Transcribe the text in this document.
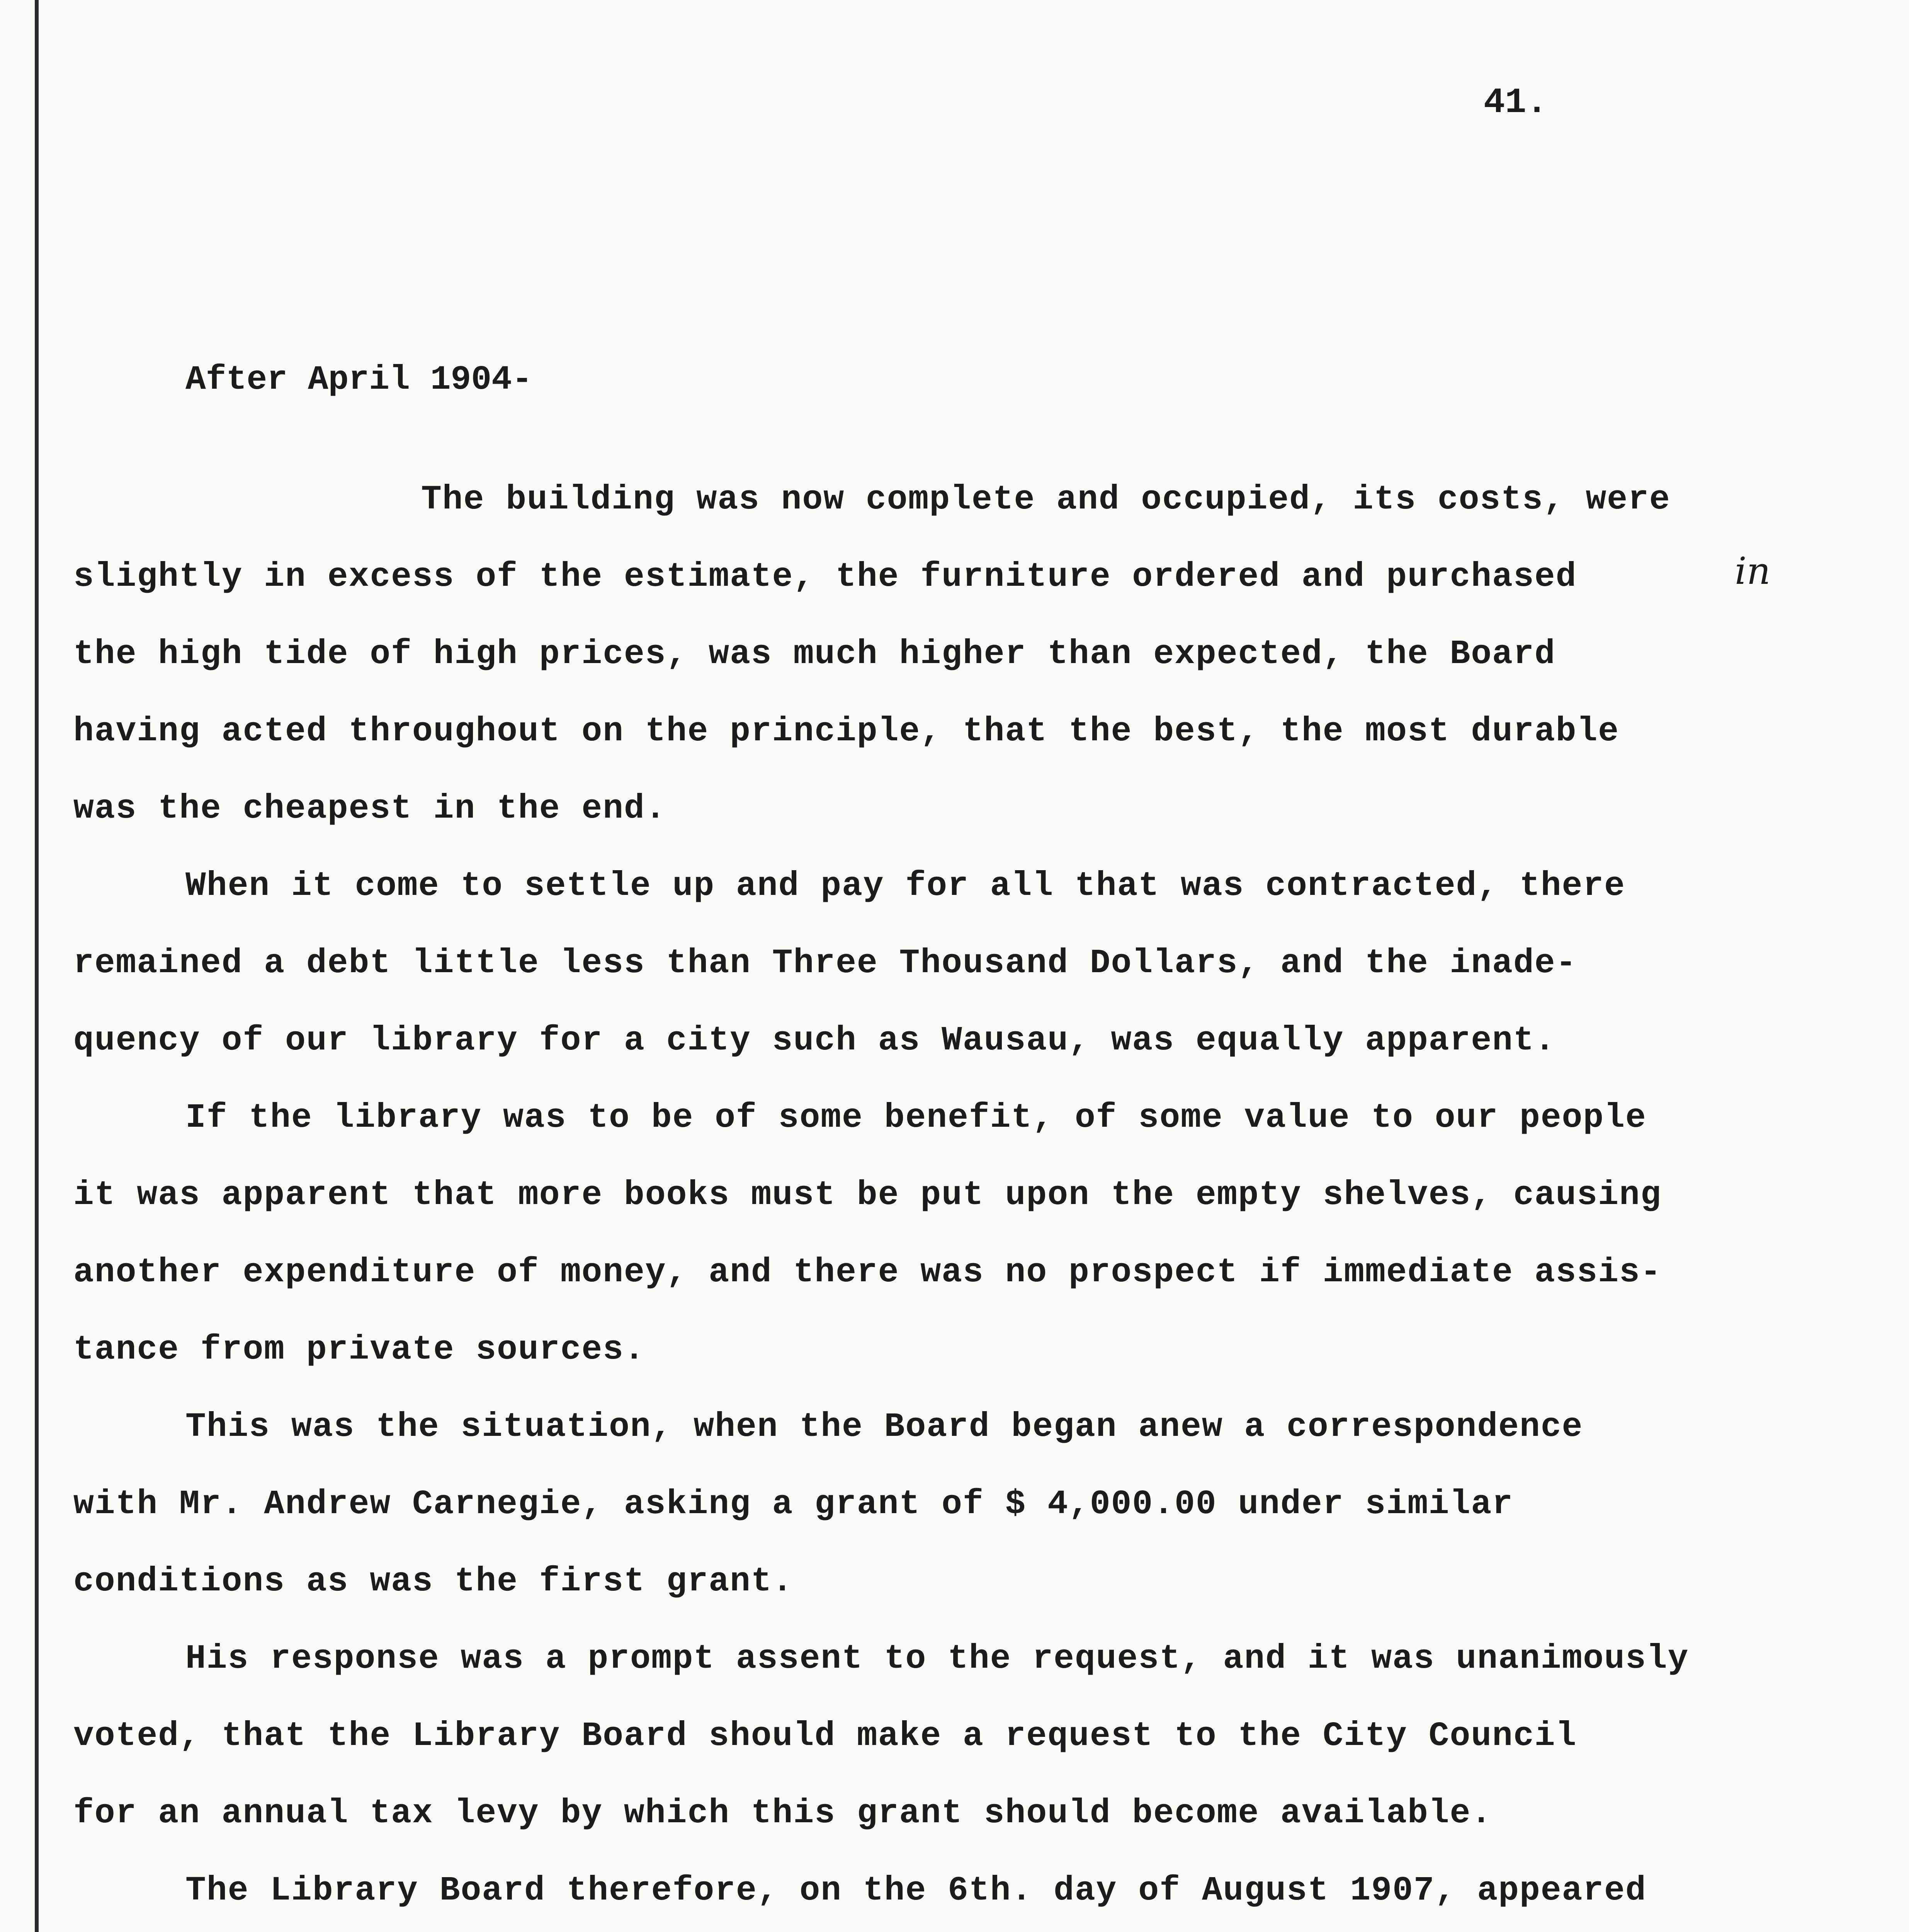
41.
After April 1904-
in
The building was now complete and occupied, its costs, were
slightly in excess of the estimate, the furniture ordered and purchased
the high tide of high prices, was much higher than expected, the Board
having acted throughout on the principle, that the best, the most durable
was the cheapest in the end.
When it come to settle up and pay for all that was contracted, there
remained a debt little less than Three Thousand Dollars, and the inade-
quency of our library for a city such as Wausau, was equally apparent.
If the library was to be of some benefit, of some value to our people
it was apparent that more books must be put upon the empty shelves, causing
another expenditure of money, and there was no prospect if immediate assis-
tance from private sources.
This was the situation, when the Board began anew a correspondence
with Mr. Andrew Carnegie, asking a grant of $ 4,000.00 under similar
conditions as was the first grant.
His response was a prompt assent to the request, and it was unanimously
voted, that the Library Board should make a request to the City Council
for an annual tax levy by which this grant should become available.
The Library Board therefore, on the 6th. day of August 1907, appeared
